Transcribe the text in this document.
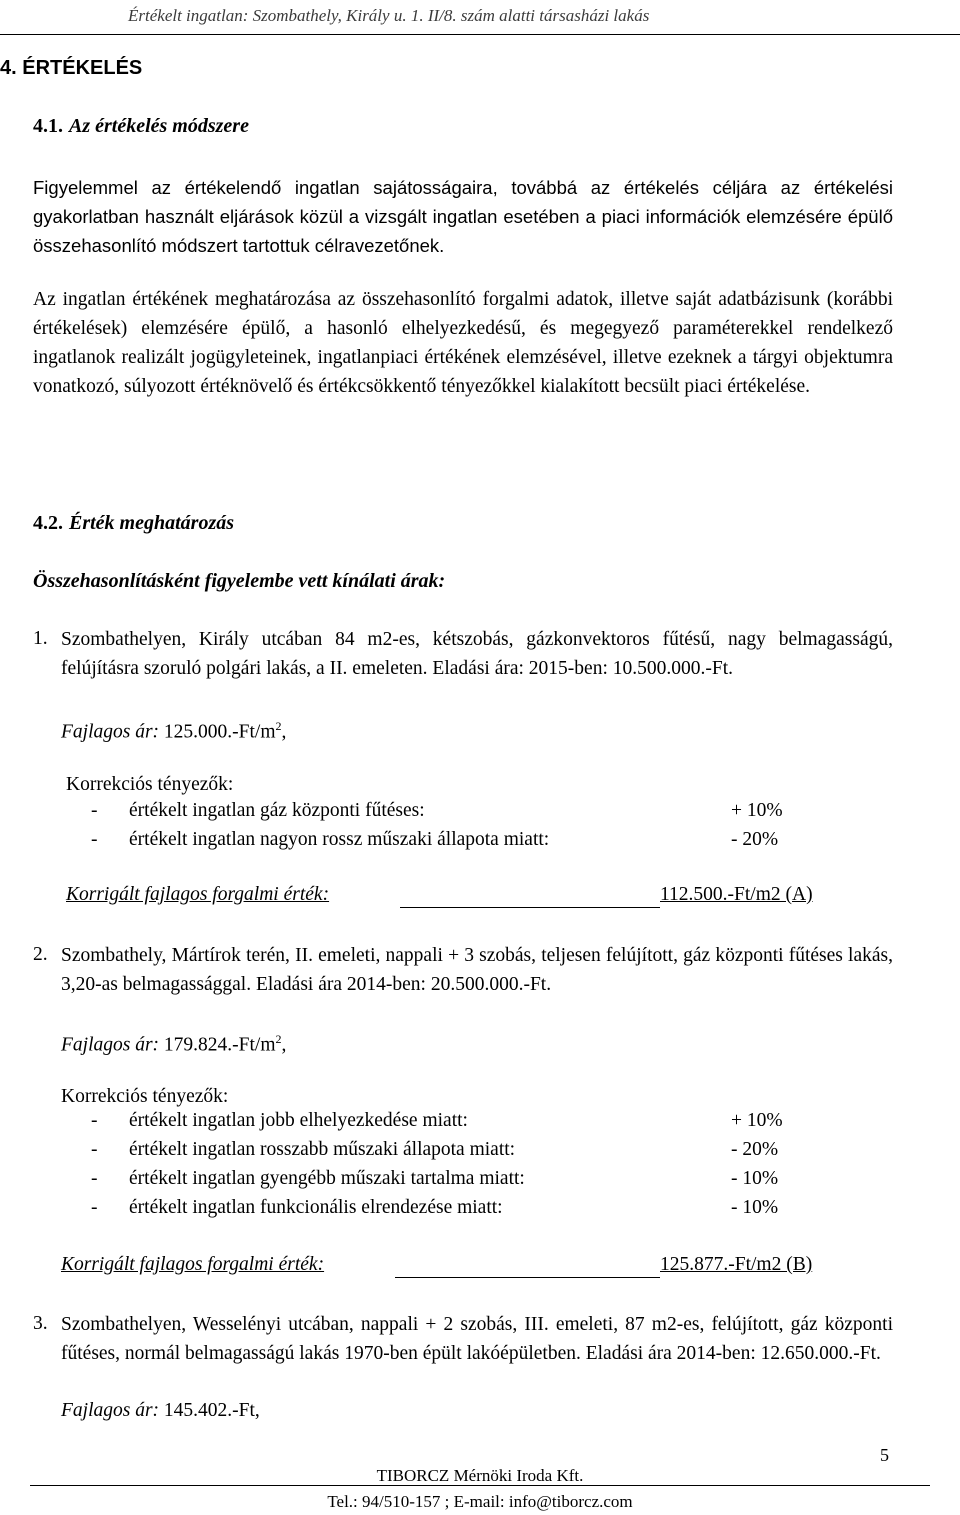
Értékelt ingatlan: Szombathely, Király u. 1. II/8. szám alatti társasházi lakás
4. ÉRTÉKELÉS
4.1. Az értékelés módszere
Figyelemmel az értékelendő ingatlan sajátosságaira, továbbá az értékelés céljára az értékelési gyakorlatban használt eljárások közül a vizsgált ingatlan esetében a piaci információk elemzésére épülő összehasonlító módszert tartottuk célravezetőnek.
Az ingatlan értékének meghatározása az összehasonlító forgalmi adatok, illetve saját adatbázisunk (korábbi értékelések) elemzésére épülő, a hasonló elhelyezkedésű, és megegyező paraméterekkel rendelkező ingatlanok realizált jogügyleteinek, ingatlanpiaci értékének elemzésével, illetve ezeknek a tárgyi objektumra vonatkozó, súlyozott értéknövelő és értékcsökkentő tényezőkkel kialakított becsült piaci értékelése.
4.2. Érték meghatározás
Összehasonlításként figyelembe vett kínálati árak:
1. Szombathelyen, Király utcában 84 m2-es, kétszobás, gázkonvektoros fűtésű, nagy belmagasságú, felújításra szoruló polgári lakás, a II. emeleten. Eladási ára: 2015-ben: 10.500.000.-Ft.
Fajlagos ár: $125.000.-Ft/m^2$,
Korrekciós tényezők:
- értékelt ingatlan gáz központi fűtéses:	+ 10%
- értékelt ingatlan nagyon rossz műszaki állapota miatt:	- 20%
Korrigált fajlagos forgalmi érték:	112.500.-Ft/m2 (A)
2. Szombathely, Mártírok terén, II. emeleti, nappali + 3 szobás, teljesen felújított, gáz központi fűtéses lakás, 3,20-as belmagassággal. Eladási ára 2014-ben: 20.500.000.-Ft.
Fajlagos ár: $179.824.-Ft/m^2$,
Korrekciós tényezők:
- értékelt ingatlan jobb elhelyezkedése miatt:	+ 10%
- értékelt ingatlan rosszabb műszaki állapota miatt:	- 20%
- értékelt ingatlan gyengébb műszaki tartalma miatt:	- 10%
- értékelt ingatlan funkcionális elrendezése miatt:	- 10%
Korrigált fajlagos forgalmi érték:	125.877.-Ft/m2 (B)
3. Szombathelyen, Wesselényi utcában, nappali + 2 szobás, III. emeleti, 87 m2-es, felújított, gáz központi fűtéses, normál belmagasságú lakás 1970-ben épült lakóépületben. Eladási ára 2014-ben: 12.650.000.-Ft.
Fajlagos ár: 145.402.-Ft,
5
TIBORCZ Mérnöki Iroda Kft.
Tel.: 94/510-157 ; E-mail: info@tiborcz.com
